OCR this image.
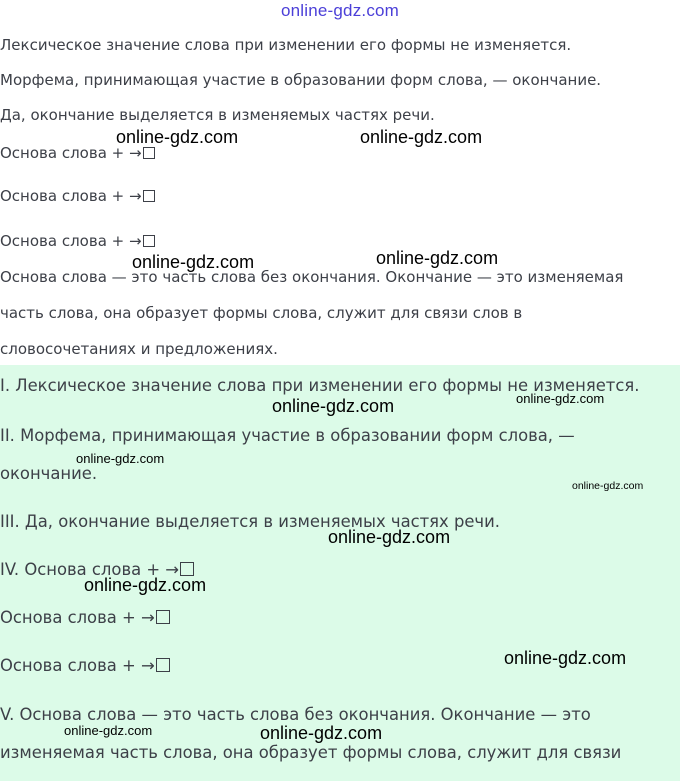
online-gdz.com
Лексическое значение слова при изменении его формы не изменяется.
Морфема, принимающая участие в образовании форм слова, — окончание.
Да, окончание выделяется в изменяемых частях речи.
Основа слова + →
Основа слова + →
Основа слова + →
Основа слова — это часть слова без окончания. Окончание — это изменяемая
часть слова, она образует формы слова, служит для связи слов в
словосочетаниях и предложениях.
I. Лексическое значение слова при изменении его формы не изменяется.
II. Морфема, принимающая участие в образовании форм слова, —
окончание.
III. Да, окончание выделяется в изменяемых частях речи.
IV. Основа слова + →
Основа слова + →
Основа слова + →
V. Основа слова — это часть слова без окончания. Окончание — это
изменяемая часть слова, она образует формы слова, служит для связи
online-gdz.com	online-gdz.com
online-gdz.com	online-gdz.com
online-gdz.com	online-gdz.com
online-gdz.com
online-gdz.com
online-gdz.com
online-gdz.com
online-gdz.com
online-gdz.com	online-gdz.com
